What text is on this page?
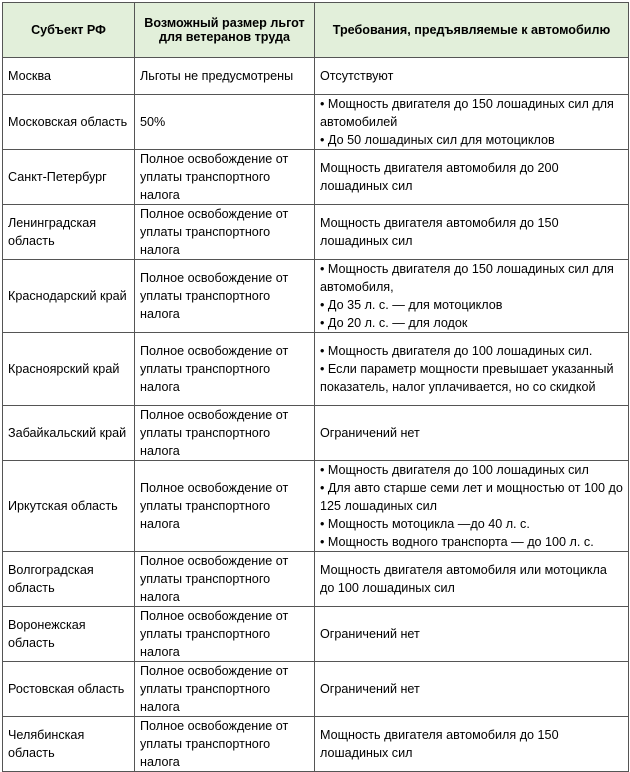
Субъект РФ	Возможный размер льгот для ветеранов труда	Требования, предъявляемые к автомобилю
Москва	Льготы не предусмотрены	Отсутствуют

Московская область	50%	• Мощность двигателя до 150 лошадиных сил для автомобилей
• До 50 лошадиных сил для мотоциклов

Санкт-Петербург	Полное освобождение от уплаты транспортного налога	Мощность двигателя автомобиля до 200 лошадиных сил

Ленинградская область	Полное освобождение от уплаты транспортного налога	Мощность двигателя автомобиля до 150 лошадиных сил

Краснодарский край	Полное освобождение от уплаты транспортного налога	• Мощность двигателя до 150 лошадиных сил для автомобиля,
• До 35 л. с. — для мотоциклов
• До 20 л. с. — для лодок

Красноярский край	Полное освобождение от уплаты транспортного налога	• Мощность двигателя до 100 лошадиных сил.
• Если параметр мощности превышает указанный показатель, налог уплачивается, но со скидкой

Забайкальский край	Полное освобождение от уплаты транспортного налога	Ограничений нет

Иркутская область	Полное освобождение от уплаты транспортного налога	• Мощность двигателя до 100 лошадиных сил
• Для авто старше семи лет и мощностью от 100 до 125 лошадиных сил
• Мощность мотоцикла —до 40 л. с.
• Мощность водного транспорта — до 100 л. с.

Волгоградская область	Полное освобождение от уплаты транспортного налога	Мощность двигателя автомобиля или мотоцикла до 100 лошадиных сил

Воронежская область	Полное освобождение от уплаты транспортного налога	Ограничений нет

Ростовская область	Полное освобождение от уплаты транспортного налога	Ограничений нет

Челябинская область	Полное освобождение от уплаты транспортного налога	Мощность двигателя автомобиля до 150 лошадиных сил
